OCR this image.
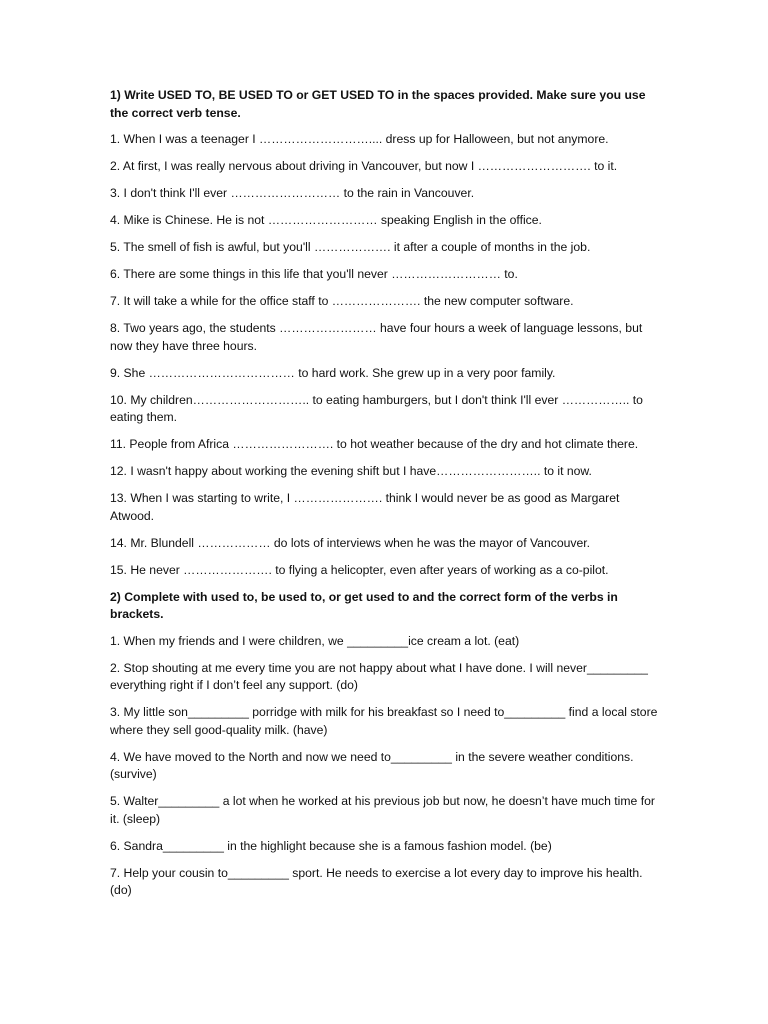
1) Write USED TO, BE USED TO or GET USED TO in the spaces provided. Make sure you use the correct verb tense.
1. When I was a teenager I ……………………….... dress up for Halloween, but not anymore.
2. At first, I was really nervous about driving in Vancouver, but now I ………………………. to it.
3. I don't think I'll ever ……………………… to the rain in Vancouver.
4. Mike is Chinese. He is not ……………………… speaking English in the office.
5. The smell of fish is awful, but you'll ………………. it after a couple of months in the job.
6. There are some things in this life that you'll never ……………………… to.
7. It will take a while for the office staff to …………………. the new computer software.
8. Two years ago, the students …………………… have four hours a week of language lessons, but now they have three hours.
9. She ……………………………… to hard work. She grew up in a very poor family.
10. My children……………………….. to eating hamburgers, but I don't think I'll ever …………….. to eating them.
11. People from Africa ……………………. to hot weather because of the dry and hot climate there.
12. I wasn't happy about working the evening shift but I have…………………….. to it now.
13. When I was starting to write, I …………………. think I would never be as good as Margaret Atwood.
14. Mr. Blundell ……………… do lots of interviews when he was the mayor of Vancouver.
15. He never …………………. to flying a helicopter, even after years of working as a co-pilot.
2) Complete with used to, be used to, or get used to and the correct form of the verbs in brackets.
1. When my friends and I were children, we _________ice cream a lot. (eat)
2. Stop shouting at me every time you are not happy about what I have done. I will never_________ everything right if I don’t feel any support. (do)
3. My little son_________ porridge with milk for his breakfast so I need to_________ find a local store where they sell good-quality milk. (have)
4. We have moved to the North and now we need to_________ in the severe weather conditions. (survive)
5. Walter_________ a lot when he worked at his previous job but now, he doesn’t have much time for it. (sleep)
6. Sandra_________ in the highlight because she is a famous fashion model. (be)
7. Help your cousin to_________ sport. He needs to exercise a lot every day to improve his health. (do)
